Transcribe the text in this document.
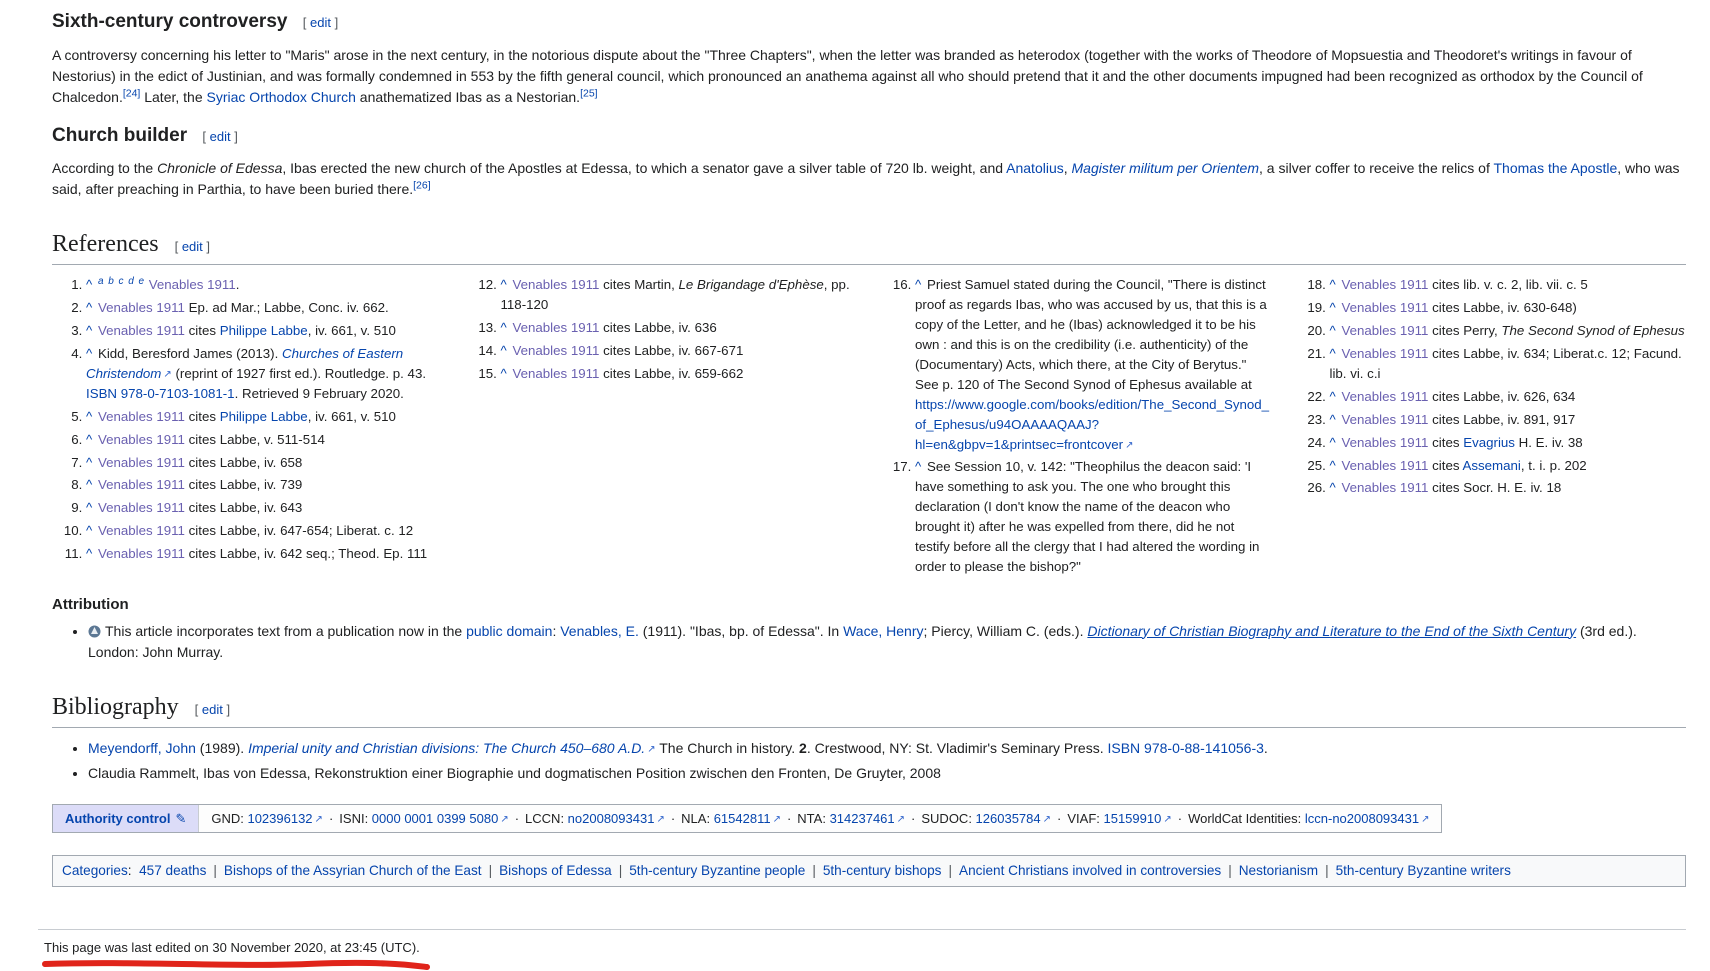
Sixth-century controversy [ edit ]

A controversy concerning his letter to "Maris" arose in the next century, in the notorious dispute about the "Three Chapters", when the letter was branded as heterodox (together with the works of Theodore of Mopsuestia and Theodoret's writings in favour of Nestorius) in the edict of Justinian, and was formally condemned in 553 by the fifth general council, which pronounced an anathema against all who should pretend that it and the other documents impugned had been recognized as orthodox by the Council of Chalcedon.[24] Later, the Syriac Orthodox Church anathematized Ibas as a Nestorian.[25]

Church builder [ edit ]

According to the Chronicle of Edessa, Ibas erected the new church of the Apostles at Edessa, to which a senator gave a silver table of 720 lb. weight, and Anatolius, Magister militum per Orientem, a silver coffer to receive the relics of Thomas the Apostle, who was said, after preaching in Parthia, to have been buried there.[26]

References [ edit ]
1. ^ $^a$ $^b$ $^c$ $^d$ $^e$ Venables 1911.
2. ^ Venables 1911 Ep. ad Mar.; Labbe, Conc. iv. 662.
3. ^ Venables 1911 cites Philippe Labbe, iv. 661, v. 510
4. ^ Kidd, Beresford James (2013). Churches of Eastern Christendom ↗ (reprint of 1927 first ed.). Routledge. p. 43. ISBN 978-0-7103-1081-1. Retrieved 9 February 2020.
5. ^ Venables 1911 cites Philippe Labbe, iv. 661, v. 510
6. ^ Venables 1911 cites Labbe, v. 511-514
7. ^ Venables 1911 cites Labbe, iv. 658
8. ^ Venables 1911 cites Labbe, iv. 739
9. ^ Venables 1911 cites Labbe, iv. 643
10. ^ Venables 1911 cites Labbe, iv. 647-654; Liberat. c. 12
11. ^ Venables 1911 cites Labbe, iv. 642 seq.; Theod. Ep. 111
12. ^ Venables 1911 cites Martin, Le Brigandage d'Ephèse, pp. 118-120
13. ^ Venables 1911 cites Labbe, iv. 636
14. ^ Venables 1911 cites Labbe, iv. 667-671
15. ^ Venables 1911 cites Labbe, iv. 659-662
16. ^ Priest Samuel stated during the Council, "There is distinct proof as regards Ibas, who was accused by us, that this is a copy of the Letter, and he (Ibas) acknowledged it to be his own : and this is on the credibility (i.e. authenticity) of the (Documentary) Acts, which there, at the City of Berytus." See p. 120 of The Second Synod of Ephesus available at https://www.google.com/books/edition/The_Second_Synod_of_Ephesus/u94OAAAAQAAJ?hl=en&gbpv=1&printsec=frontcover ↗
17. ^ See Session 10, v. 142: "Theophilus the deacon said: 'I have something to ask you. The one who brought this declaration (I don't know the name of the deacon who brought it) after he was expelled from there, did he not testify before all the clergy that I had altered the wording in order to please the bishop?"
18. ^ Venables 1911 cites lib. v. c. 2, lib. vii. c. 5
19. ^ Venables 1911 cites Labbe, iv. 630-648)
20. ^ Venables 1911 cites Perry, The Second Synod of Ephesus
21. ^ Venables 1911 cites Labbe, iv. 634; Liberat.c. 12; Facund. lib. vi. c.i
22. ^ Venables 1911 cites Labbe, iv. 626, 634
23. ^ Venables 1911 cites Labbe, iv. 891, 917
24. ^ Venables 1911 cites Evagrius H. E. iv. 38
25. ^ Venables 1911 cites Assemani, t. i. p. 202
26. ^ Venables 1911 cites Socr. H. E. iv. 18
Attribution
• This article incorporates text from a publication now in the public domain: Venables, E. (1911). "Ibas, bp. of Edessa". In Wace, Henry; Piercy, William C. (eds.). Dictionary of Christian Biography and Literature to the End of the Sixth Century (3rd ed.). London: John Murray.
Bibliography [ edit ]
• Meyendorff, John (1989). Imperial unity and Christian divisions: The Church 450–680 A.D. ↗ The Church in history. 2. Crestwood, NY: St. Vladimir's Seminary Press. ISBN 978-0-88-141056-3.
• Claudia Rammelt, Ibas von Edessa, Rekonstruktion einer Biographie und dogmatischen Position zwischen den Fronten, De Gruyter, 2008
Authority control ✎ GND: 102396132 ↗ · ISNI: 0000 0001 0399 5080 ↗ · LCCN: no2008093431 ↗ · NLA: 61542811 ↗ · NTA: 314237461 ↗ · SUDOC: 126035784 ↗ · VIAF: 15159910 ↗ · WorldCat Identities: lccn-no2008093431 ↗
Categories: 457 deaths | Bishops of the Assyrian Church of the East | Bishops of Edessa | 5th-century Byzantine people | 5th-century bishops | Ancient Christians involved in controversies | Nestorianism | 5th-century Byzantine writers
This page was last edited on 30 November 2020, at 23:45 (UTC).
